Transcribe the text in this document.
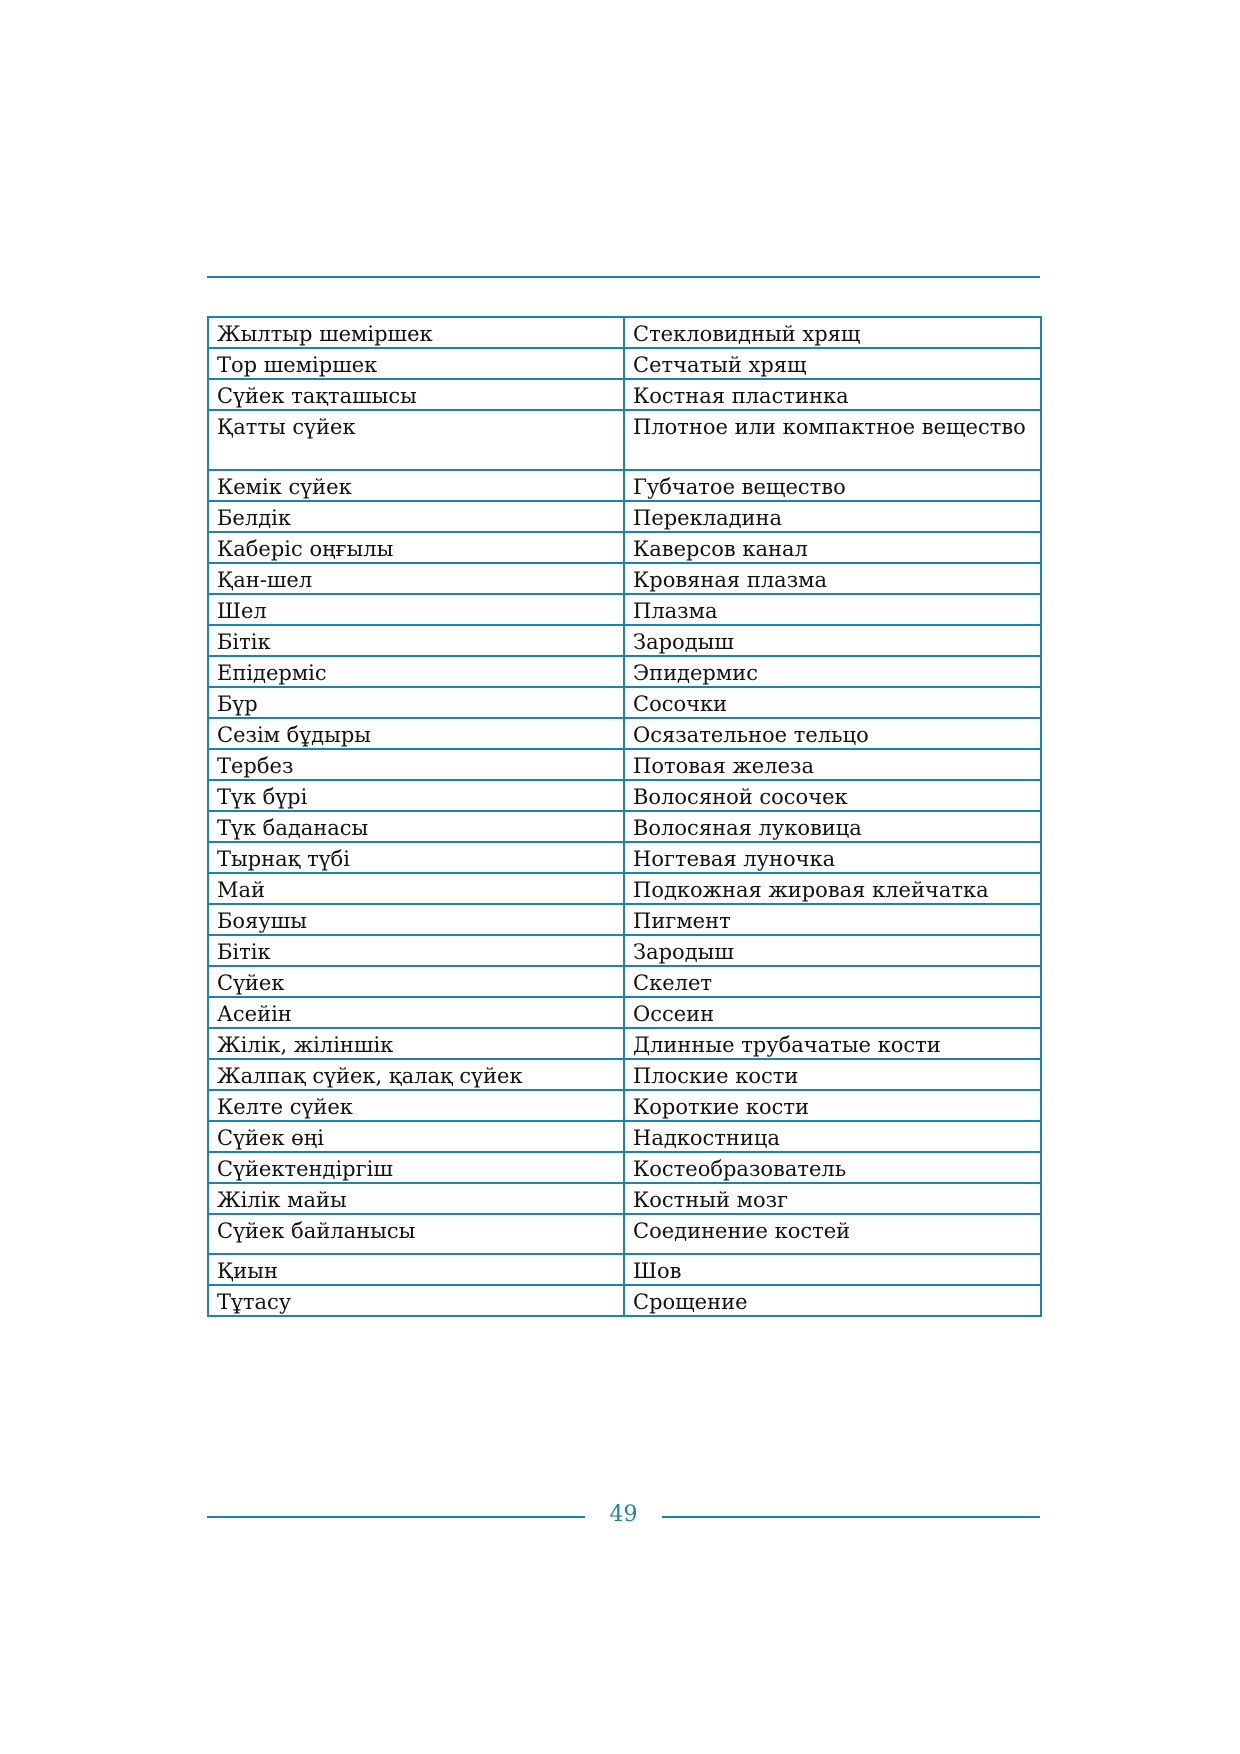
Жылтыр шеміршек	Стекловидный хрящ
Тор шеміршек	Сетчатый хрящ
Сүйек тақташысы	Костная пластинка
Қатты сүйек	Плотное или компактное вещество
Кемік сүйек	Губчатое вещество
Белдік	Перекладина
Каберіс оңғылы	Каверсов канал
Қан-шел	Кровяная плазма
Шел	Плазма
Бітік	Зародыш
Епідерміс	Эпидермис
Бүр	Сосочки
Сезім бұдыры	Осязательное тельцо
Тербез	Потовая железа
Түк бүрі	Волосяной сосочек
Түк баданасы	Волосяная луковица
Тырнақ түбі	Ногтевая луночка
Май	Подкожная жировая клейчатка
Бояушы	Пигмент
Бітік	Зародыш
Сүйек	Скелет
Асейін	Оссеин
Жілік, жіліншік	Длинные трубачатые кости
Жалпақ сүйек, қалақ сүйек	Плоские кости
Келте сүйек	Короткие кости
Сүйек өңі	Надкостница
Сүйектендіргіш	Костеобразователь
Жілік майы	Костный мозг
Сүйек байланысы	Соединение костей
Қиын	Шов
Тұтасу	Срощение
49
